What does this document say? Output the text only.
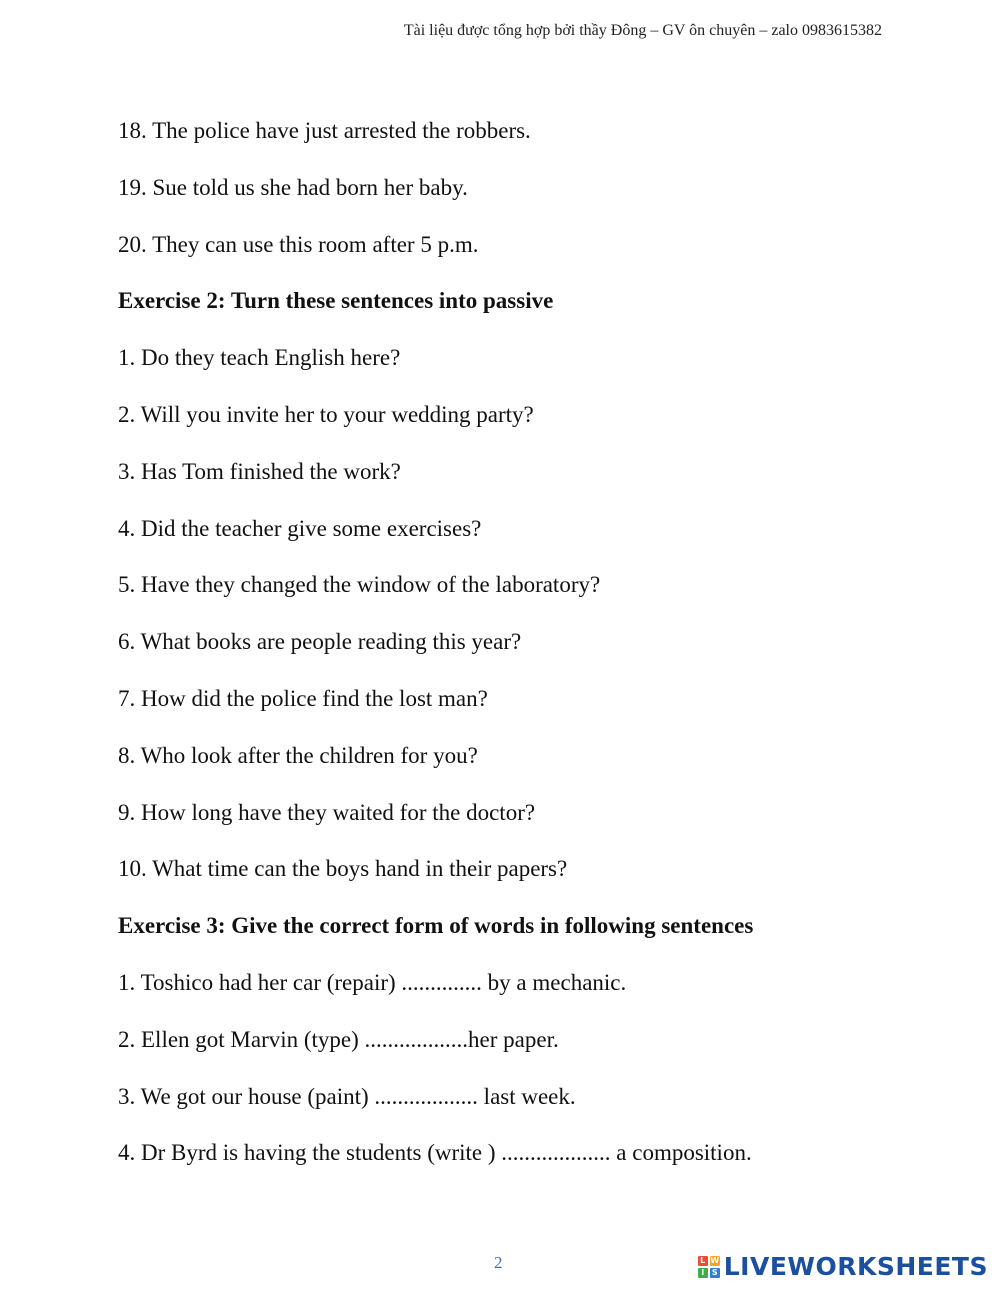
Tài liệu được tổng hợp bởi thầy Đông – GV ôn chuyên – zalo 0983615382
18. The police have just arrested the robbers.
19. Sue told us she had born her baby.
20. They can use this room after 5 p.m.
Exercise 2: Turn these sentences into passive
1. Do they teach English here?
2. Will you invite her to your wedding party?
3. Has Tom finished the work?
4. Did the teacher give some exercises?
5. Have they changed the window of the laboratory?
6. What books are people reading this year?
7. How did the police find the lost man?
8. Who look after the children for you?
9. How long have they waited for the doctor?
10. What time can the boys hand in their papers?
Exercise 3: Give the correct form of words in following sentences
1. Toshico had her car (repair) .............. by a mechanic.
2. Ellen got Marvin (type) ..................her paper.
3. We got our house (paint) .................. last week.
4. Dr Byrd is having the students (write ) ................... a composition.
2	L W
I S LIVEWORKSHEETS
